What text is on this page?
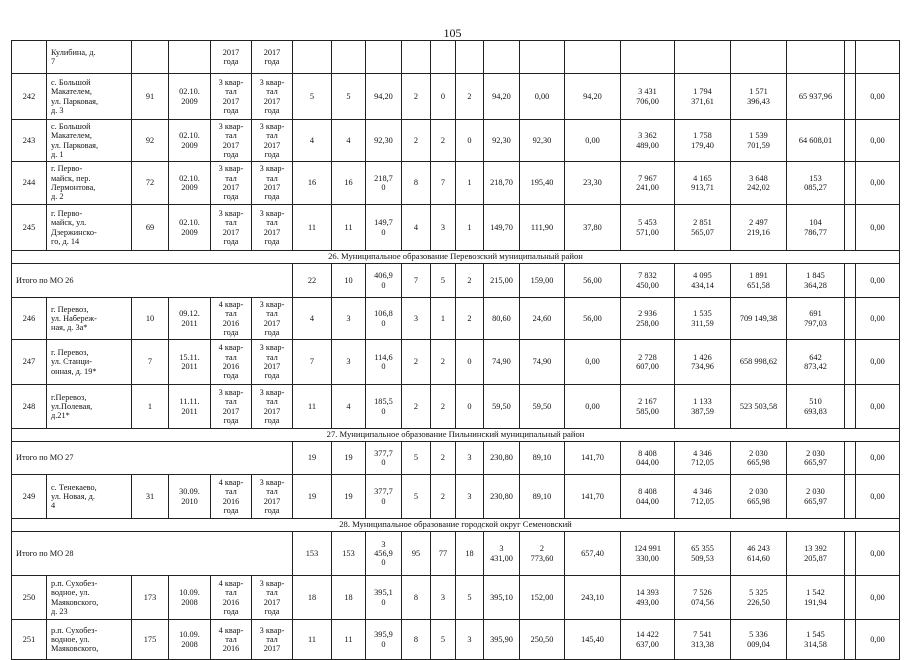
105
	Кулибина, д.
7			2017
года	2017
года															
242	с. Большой
Макателем,
ул. Парковая,
д. 3	91	02.10.
2009	3 квар-
тал
2017
года	3 квар-
тал
2017
года	5	5	94,20	2	0	2	94,20	0,00	94,20	3 431
706,00	1 794
371,61	1 571
396,43	65 937,96		0,00
243	с. Большой
Макателем,
ул. Парковая,
д. 1	92	02.10.
2009	3 квар-
тал
2017
года	3 квар-
тал
2017
года	4	4	92,30	2	2	0	92,30	92,30	0,00	3 362
489,00	1 758
179,40	1 539
701,59	64 608,01		0,00
244	г. Перво-
майск, пер.
Лермонтова,
д. 2	72	02.10.
2009	3 квар-
тал
2017
года	3 квар-
тал
2017
года	16	16	218,7
0	8	7	1	218,70	195,40	23,30	7 967
241,00	4 165
913,71	3 648
242,02	153
085,27		0,00
245	г. Перво-
майск, ул.
Дзержинско-
го, д. 14	69	02.10.
2009	3 квар-
тал
2017
года	3 квар-
тал
2017
года	11	11	149,7
0	4	3	1	149,70	111,90	37,80	5 453
571,00	2 851
565,07	2 497
219,16	104
786,77		0,00
26. Муниципальное образование Перевозский муниципальный район																				
Итого по МО 26						22	10	406,9
0	7	5	2	215,00	159,00	56,00	7 832
450,00	4 095
434,14	1 891
651,58	1 845
364,28		0,00
246	г. Перевоз,
ул. Набереж-
ная, д. 3а*	10	09.12.
2011	4 квар-
тал
2016
года	3 квар-
тал
2017
года	4	3	106,8
0	3	1	2	80,60	24,60	56,00	2 936
258,00	1 535
311,59	709 149,38	691
797,03		0,00
247	г. Перевоз,
ул. Станци-
онная, д. 19*	7	15.11.
2011	4 квар-
тал
2016
года	3 квар-
тал
2017
года	7	3	114,6
0	2	2	0	74,90	74,90	0,00	2 728
607,00	1 426
734,96	658 998,62	642
873,42		0,00
248	г.Перевоз,
ул.Полевая,
д.21*	1	11.11.
2011	3 квар-
тал
2017
года	3 квар-
тал
2017
года	11	4	185,5
0	2	2	0	59,50	59,50	0,00	2 167
585,00	1 133
387,59	523 503,58	510
693,83		0,00
27. Муниципальное образование Пильнинский муниципальный район																				
Итого по МО 27						19	19	377,7
0	5	2	3	230,80	89,10	141,70	8 408
044,00	4 346
712,05	2 030
665,98	2 030
665,97		0,00
249	с. Тенекаево,
ул. Новая, д.
4	31	30.09.
2010	4 квар-
тал
2016
года	3 квар-
тал
2017
года	19	19	377,7
0	5	2	3	230,80	89,10	141,70	8 408
044,00	4 346
712,05	2 030
665,98	2 030
665,97		0,00
28. Муниципальное образование городской округ Семеновский																				
Итого по МО 28						153	153	3
456,9
0	95	77	18	3
431,00	2
773,60	657,40	124 991
330,00	65 355
509,53	46 243
614,60	13 392
205,87		0,00
250	р.п. Сухобез-
водное, ул.
Маяковского,
д. 23	173	10.09.
2008	4 квар-
тал
2016
года	3 квар-
тал
2017
года	18	18	395,1
0	8	3	5	395,10	152,00	243,10	14 393
493,00	7 526
074,56	5 325
226,50	1 542
191,94		0,00
251	р.п. Сухобез-
водное, ул.
Маяковского,	175	10.09.
2008	4 квар-
тал
2016	3 квар-
тал
2017	11	11	395,9
0	8	5	3	395,90	250,50	145,40	14 422
637,00	7 541
313,38	5 336
009,04	1 545
314,58		0,00
